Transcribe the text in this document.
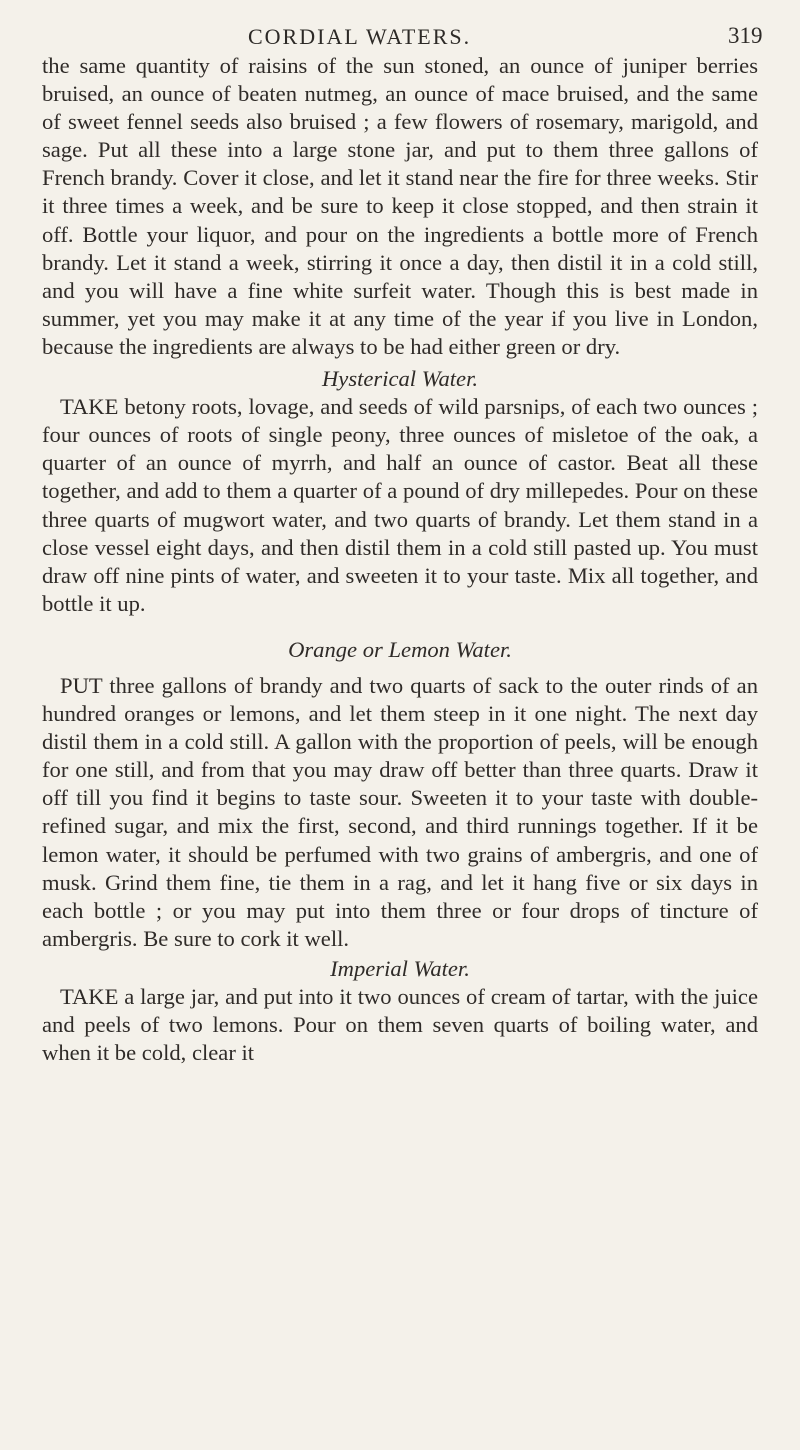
CORDIAL WATERS.	319

the same quantity of raisins of the sun stoned, an ounce of juniper berries bruised, an ounce of beaten nutmeg, an ounce of mace bruised, and the same of sweet fennel seeds also bruised ; a few flowers of rosemary, marigold, and sage. Put all these into a large stone jar, and put to them three gallons of French brandy. Cover it close, and let it stand near the fire for three weeks. Stir it three times a week, and be sure to keep it close stopped, and then strain it off. Bottle your liquor, and pour on the ingredients a bottle more of French brandy. Let it stand a week, stirring it once a day, then distil it in a cold still, and you will have a fine white surfeit water. Though this is best made in summer, yet you may make it at any time of the year if you live in London, because the ingredients are always to be had either green or dry.

Hysterical Water.

TAKE betony roots, lovage, and seeds of wild parsnips, of each two ounces ; four ounces of roots of single peony, three ounces of misletoe of the oak, a quarter of an ounce of myrrh, and half an ounce of castor. Beat all these together, and add to them a quarter of a pound of dry millepedes. Pour on these three quarts of mugwort water, and two quarts of brandy. Let them stand in a close vessel eight days, and then distil them in a cold still pasted up. You must draw off nine pints of water, and sweeten it to your taste. Mix all together, and bottle it up.

Orange or Lemon Water.

PUT three gallons of brandy and two quarts of sack to the outer rinds of an hundred oranges or lemons, and let them steep in it one night. The next day distil them in a cold still. A gallon with the proportion of peels, will be enough for one still, and from that you may draw off better than three quarts. Draw it off till you find it begins to taste sour. Sweeten it to your taste with double-refined sugar, and mix the first, second, and third runnings together. If it be lemon water, it should be perfumed with two grains of ambergris, and one of musk. Grind them fine, tie them in a rag, and let it hang five or six days in each bottle ; or you may put into them three or four drops of tincture of ambergris. Be sure to cork it well.

Imperial Water.

TAKE a large jar, and put into it two ounces of cream of tartar, with the juice and peels of two lemons. Pour on them seven quarts of boiling water, and when it be cold, clear it
